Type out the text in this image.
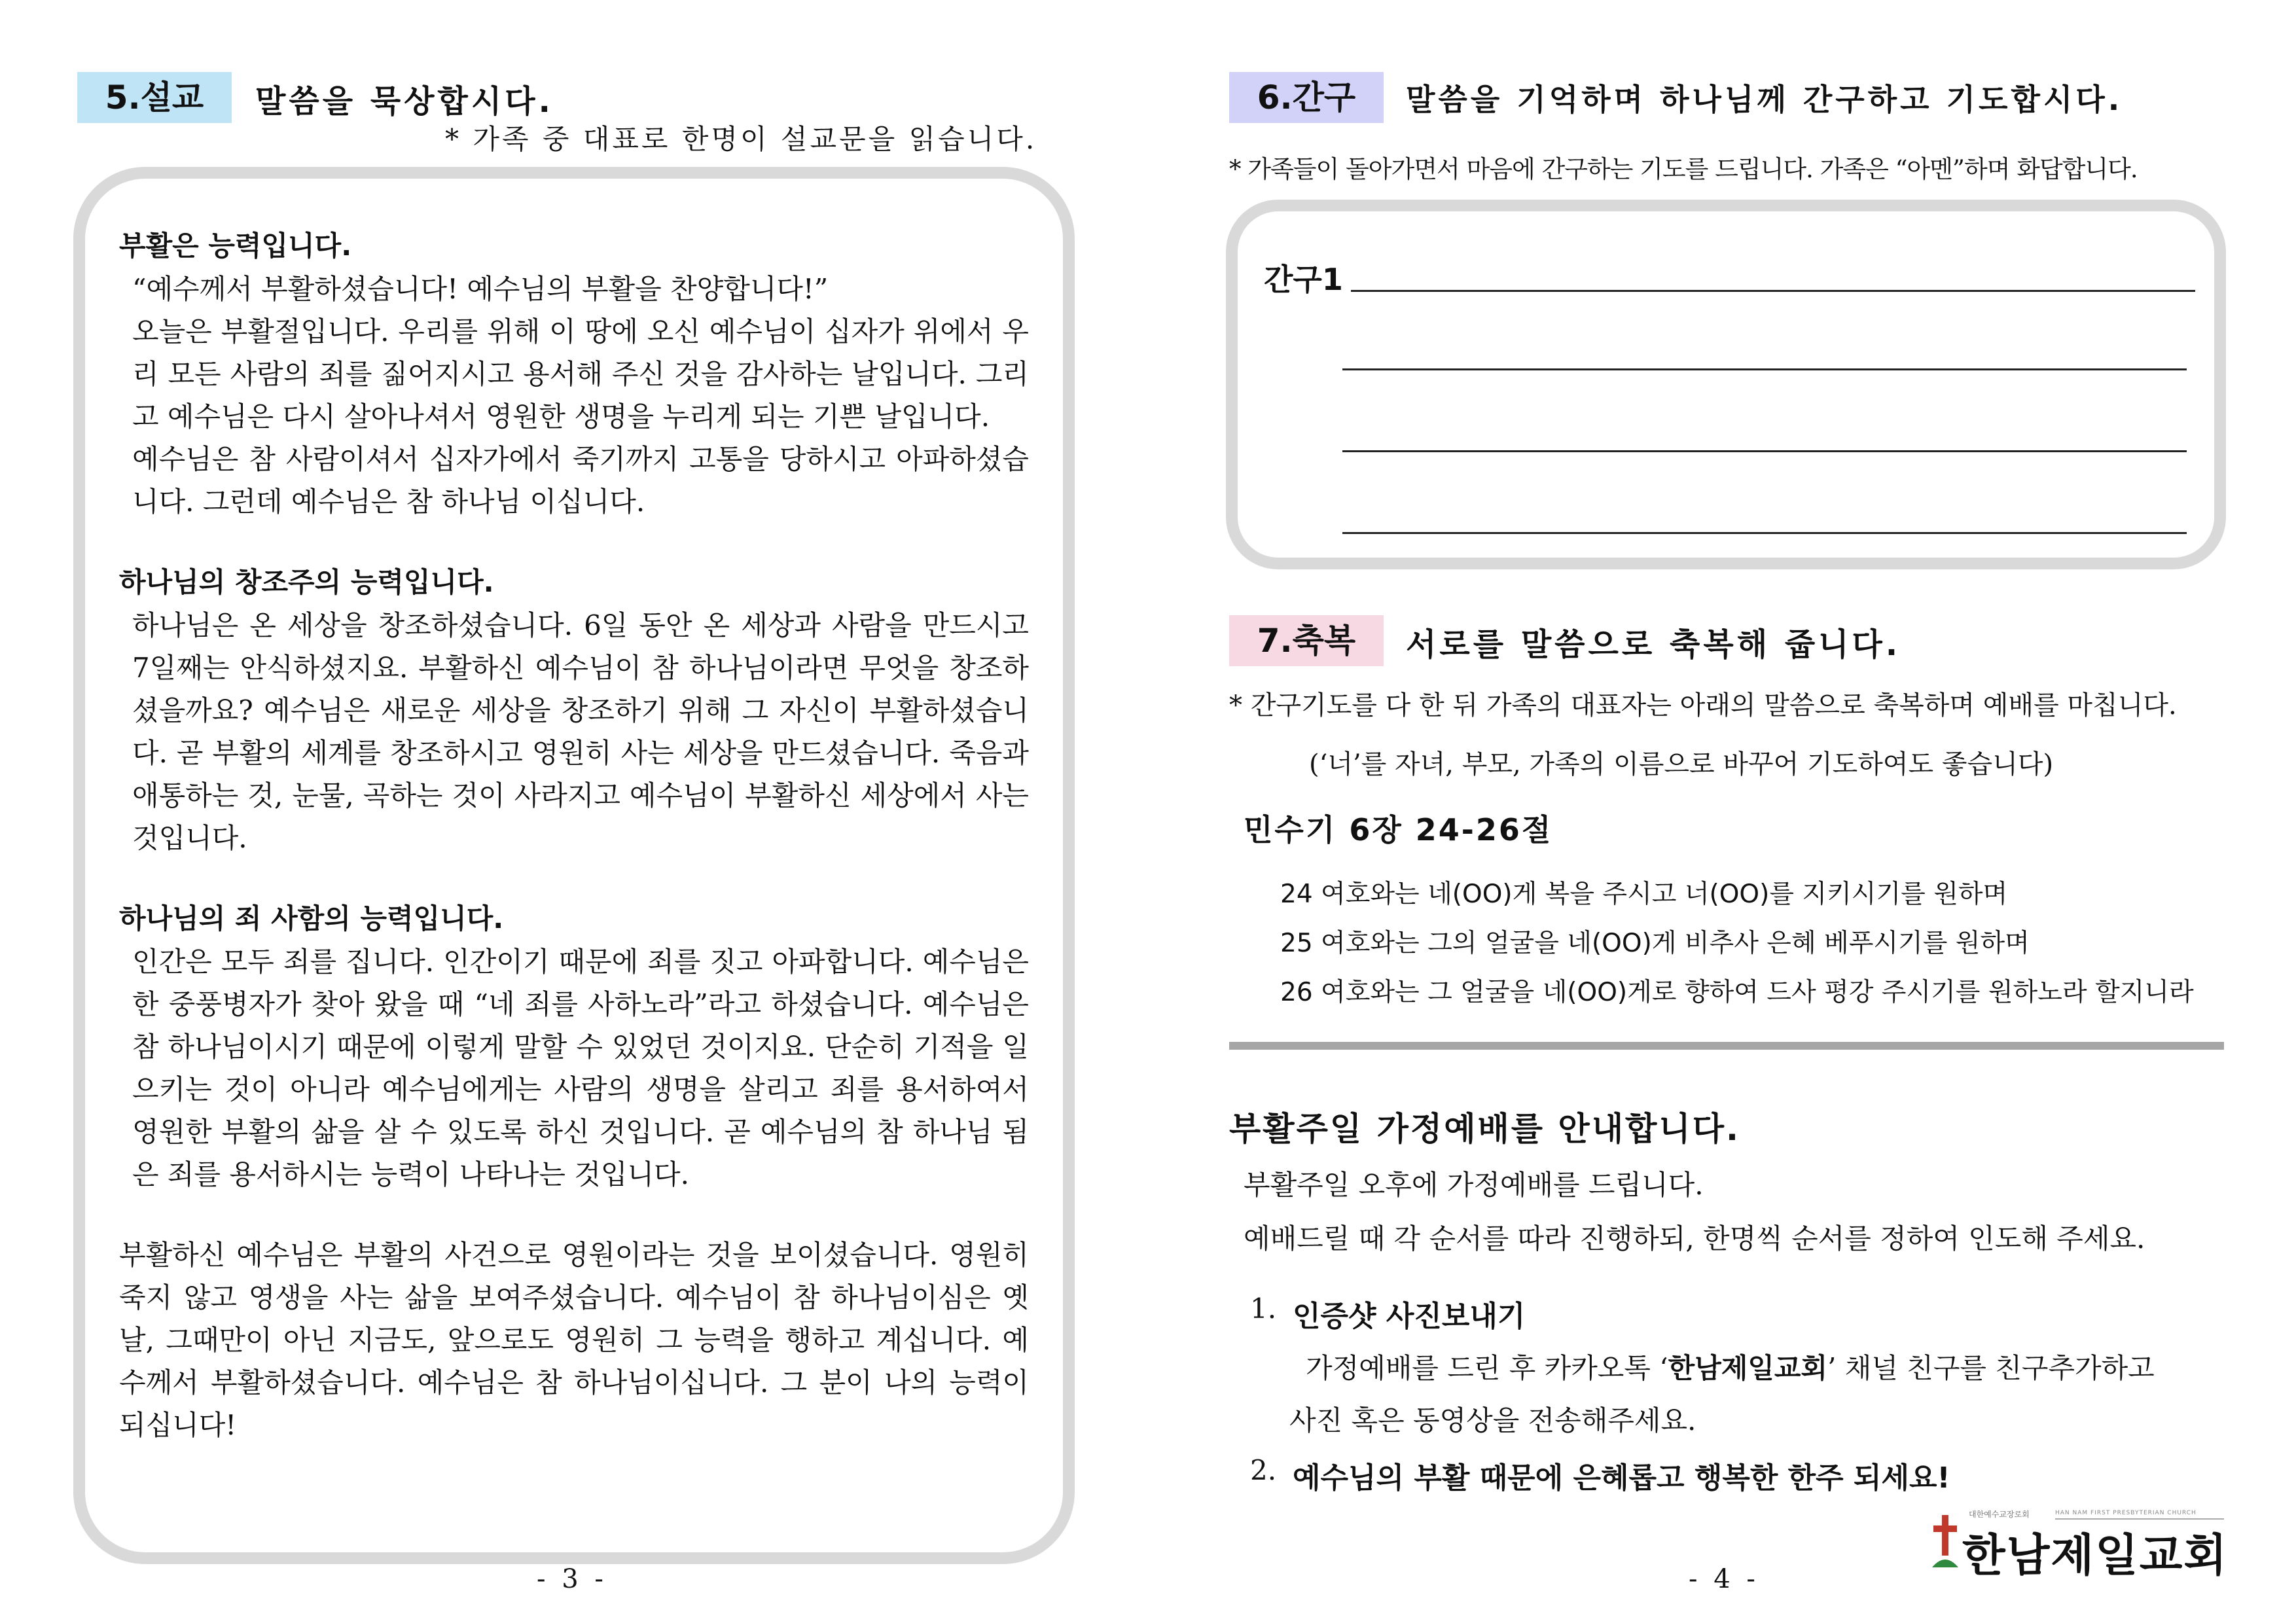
5.설교	말씀을 묵상합시다.
* 가족 중 대표로 한명이 설교문을 읽습니다.

부활은 능력입니다.

“예수께서 부활하셨습니다! 예수님의 부활을 찬양합니다!”

오늘은 부활절입니다. 우리를 위해 이 땅에 오신 예수님이 십자가 위에서 우리 모든 사람의 죄를 짊어지시고 용서해 주신 것을 감사하는 날입니다. 그리고 예수님은 다시 살아나셔서 영원한 생명을 누리게 되는 기쁜 날입니다.

예수님은 참 사람이셔서 십자가에서 죽기까지 고통을 당하시고 아파하셨습니다. 그런데 예수님은 참 하나님 이십니다.

하나님의 창조주의 능력입니다.

하나님은 온 세상을 창조하셨습니다. 6일 동안 온 세상과 사람을 만드시고 7일째는 안식하셨지요. 부활하신 예수님이 참 하나님이라면 무엇을 창조하셨을까요? 예수님은 새로운 세상을 창조하기 위해 그 자신이 부활하셨습니다. 곧 부활의 세계를 창조하시고 영원히 사는 세상을 만드셨습니다. 죽음과 애통하는 것, 눈물, 곡하는 것이 사라지고 예수님이 부활하신 세상에서 사는 것입니다.

하나님의 죄 사함의 능력입니다.

인간은 모두 죄를 집니다. 인간이기 때문에 죄를 짓고 아파합니다. 예수님은 한 중풍병자가 찾아 왔을 때 “네 죄를 사하노라”라고 하셨습니다. 예수님은 참 하나님이시기 때문에 이렇게 말할 수 있었던 것이지요. 단순히 기적을 일으키는 것이 아니라 예수님에게는 사람의 생명을 살리고 죄를 용서하여서 영원한 부활의 삶을 살 수 있도록 하신 것입니다. 곧 예수님의 참 하나님 됨은 죄를 용서하시는 능력이 나타나는 것입니다.

부활하신 예수님은 부활의 사건으로 영원이라는 것을 보이셨습니다. 영원히 죽지 않고 영생을 사는 삶을 보여주셨습니다. 예수님이 참 하나님이심은 옛날, 그때만이 아닌 지금도, 앞으로도 영원히 그 능력을 행하고 계십니다. 예수께서 부활하셨습니다. 예수님은 참 하나님이십니다. 그 분이 나의 능력이 되십니다!

- 3 -
6.간구	말씀을 기억하며 하나님께 간구하고 기도합시다.
* 가족들이 돌아가면서 마음에 간구하는 기도를 드립니다. 가족은 “아멘”하며 화답합니다.
간구1
7.축복	서로를 말씀으로 축복해 줍니다.
* 간구기도를 다 한 뒤 가족의 대표자는 아래의 말씀으로 축복하며 예배를 마칩니다.
(‘너’를 자녀, 부모, 가족의 이름으로 바꾸어 기도하여도 좋습니다)
민수기 6장 24-26절
24 여호와는 네(OO)게 복을 주시고 너(OO)를 지키시기를 원하며
25 여호와는 그의 얼굴을 네(OO)게 비추사 은혜 베푸시기를 원하며
26 여호와는 그 얼굴을 네(OO)게로 향하여 드사 평강 주시기를 원하노라 할지니라
부활주일 가정예배를 안내합니다.
부활주일 오후에 가정예배를 드립니다.
예배드릴 때 각 순서를 따라 진행하되, 한명씩 순서를 정하여 인도해 주세요.
1. 인증샷 사진보내기
가정예배를 드린 후 카카오톡 ‘한남제일교회’ 채널 친구를 친구추가하고
사진 혹은 동영상을 전송해주세요.
2. 예수님의 부활 때문에 은혜롭고 행복한 한주 되세요!
대한예수교장로회	HAN NAM FIRST PRESBYTERIAN CHURCH
한남제일교회
- 4 -
